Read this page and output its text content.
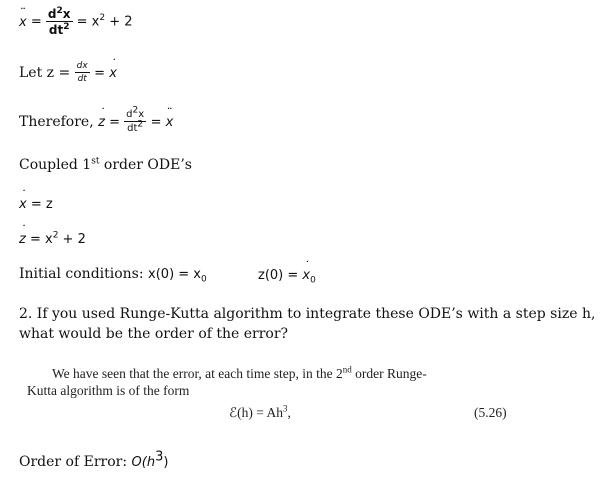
¨ $x = \frac{d^2x}{dt^2} = x^2 + 2$
Let $z = \frac{dx}{dt}$ = ˙ x
Therefore, ˙ $z = \frac{d^2x}{dt^2}$ = ¨ x
Coupled 1st order ODE’s
˙ x = z
˙ $z = x^2 + 2$
Initial conditions: $x(0) = x_0$	z(0) = ˙ $x_0$
2. If you used Runge-Kutta algorithm to integrate these ODE’s with a step size h,
what would be the order of the error?
We have seen that the error, at each time step, in the 2nd order Runge-
Kutta algorithm is of the form
ℰ(h) = $Ah^3$,	(5.26)
Order of Error: $O(h^3)$
